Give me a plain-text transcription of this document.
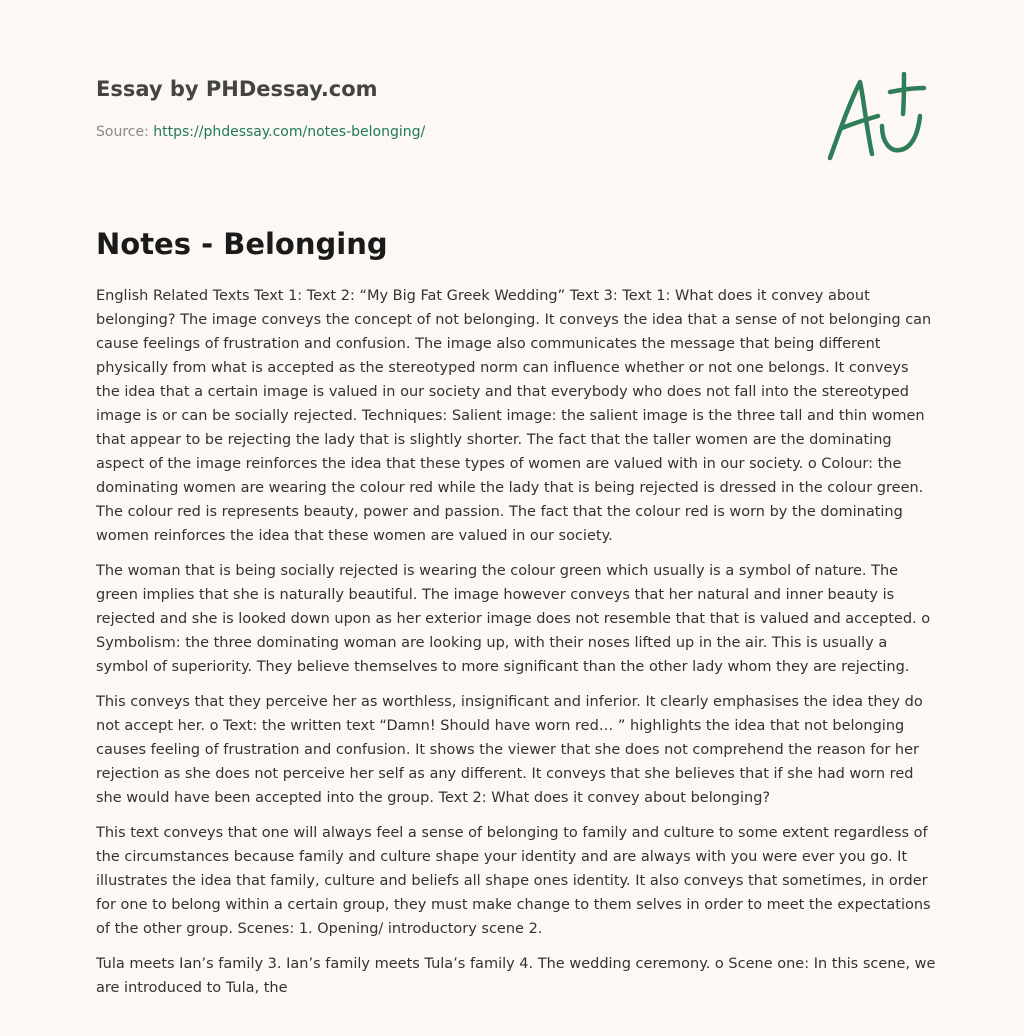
Essay by PHDessay.com

Source: https://phdessay.com/notes-belonging/
Notes - Belonging

English Related Texts Text 1: Text 2: “My Big Fat Greek Wedding” Text 3: Text 1: What does it convey about belonging? The image conveys the concept of not belonging. It conveys the idea that a sense of not belonging can cause feelings of frustration and confusion. The image also communicates the message that being different physically from what is accepted as the stereotyped norm can influence whether or not one belongs. It conveys the idea that a certain image is valued in our society and that everybody who does not fall into the stereotyped image is or can be socially rejected. Techniques: Salient image: the salient image is the three tall and thin women that appear to be rejecting the lady that is slightly shorter. The fact that the taller women are the dominating aspect of the image reinforces the idea that these types of women are valued with in our society. o Colour: the dominating women are wearing the colour red while the lady that is being rejected is dressed in the colour green. The colour red is represents beauty, power and passion. The fact that the colour red is worn by the dominating women reinforces the idea that these women are valued in our society.

The woman that is being socially rejected is wearing the colour green which usually is a symbol of nature. The green implies that she is naturally beautiful. The image however conveys that her natural and inner beauty is rejected and she is looked down upon as her exterior image does not resemble that that is valued and accepted. o Symbolism: the three dominating woman are looking up, with their noses lifted up in the air. This is usually a symbol of superiority. They believe themselves to more significant than the other lady whom they are rejecting.

This conveys that they perceive her as worthless, insignificant and inferior. It clearly emphasises the idea they do not accept her. o Text: the written text “Damn! Should have worn red… ” highlights the idea that not belonging causes feeling of frustration and confusion. It shows the viewer that she does not comprehend the reason for her rejection as she does not perceive her self as any different. It conveys that she believes that if she had worn red she would have been accepted into the group. Text 2: What does it convey about belonging?

This text conveys that one will always feel a sense of belonging to family and culture to some extent regardless of the circumstances because family and culture shape your identity and are always with you were ever you go. It illustrates the idea that family, culture and beliefs all shape ones identity. It also conveys that sometimes, in order for one to belong within a certain group, they must make change to them selves in order to meet the expectations of the other group. Scenes: 1. Opening/ introductory scene 2.

Tula meets Ian’s family 3. Ian’s family meets Tula’s family 4. The wedding ceremony. o Scene one: In this scene, we are introduced to Tula, the
